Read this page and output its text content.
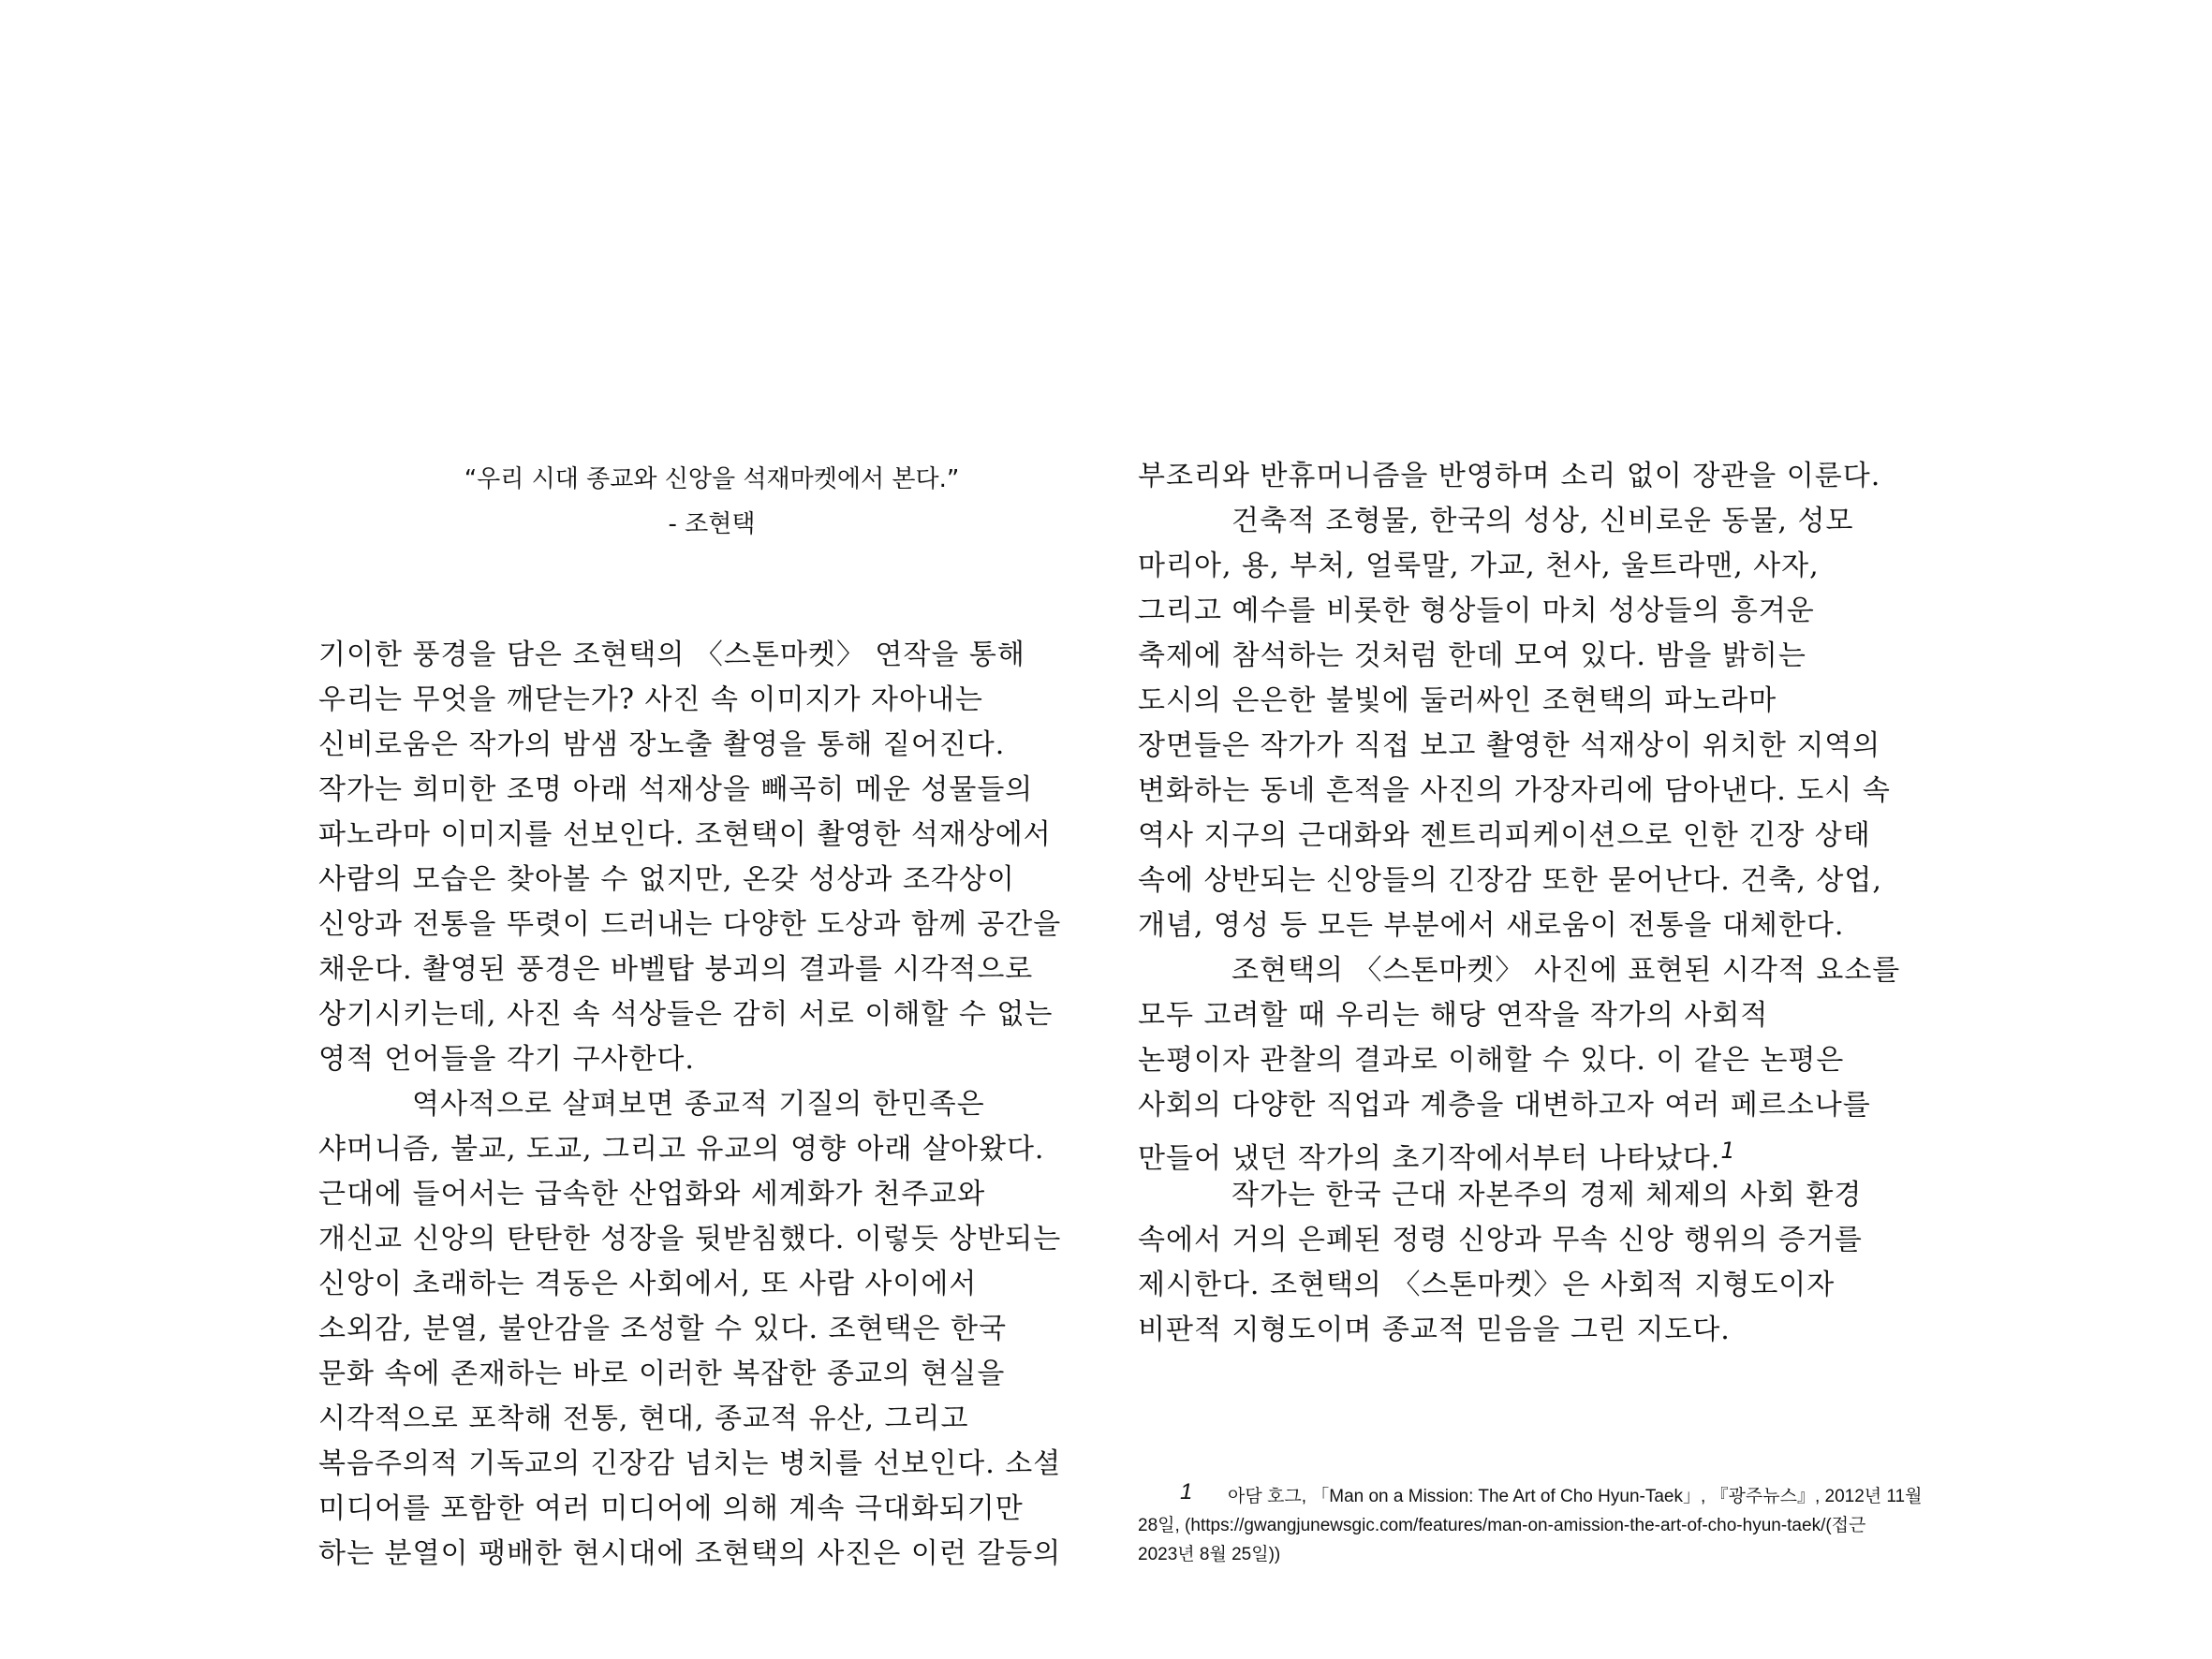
“우리 시대 종교와 신앙을 석재마켓에서 본다.”
- 조현택
기이한 풍경을 담은 조현택의 〈스톤마켓〉 연작을 통해
우리는 무엇을 깨닫는가? 사진 속 이미지가 자아내는
신비로움은 작가의 밤샘 장노출 촬영을 통해 짙어진다.
작가는 희미한 조명 아래 석재상을 빼곡히 메운 성물들의
파노라마 이미지를 선보인다. 조현택이 촬영한 석재상에서
사람의 모습은 찾아볼 수 없지만, 온갖 성상과 조각상이
신앙과 전통을 뚜렷이 드러내는 다양한 도상과 함께 공간을
채운다. 촬영된 풍경은 바벨탑 붕괴의 결과를 시각적으로
상기시키는데, 사진 속 석상들은 감히 서로 이해할 수 없는
영적 언어들을 각기 구사한다.
역사적으로 살펴보면 종교적 기질의 한민족은
샤머니즘, 불교, 도교, 그리고 유교의 영향 아래 살아왔다.
근대에 들어서는 급속한 산업화와 세계화가 천주교와
개신교 신앙의 탄탄한 성장을 뒷받침했다. 이렇듯 상반되는
신앙이 초래하는 격동은 사회에서, 또 사람 사이에서
소외감, 분열, 불안감을 조성할 수 있다. 조현택은 한국
문화 속에 존재하는 바로 이러한 복잡한 종교의 현실을
시각적으로 포착해 전통, 현대, 종교적 유산, 그리고
복음주의적 기독교의 긴장감 넘치는 병치를 선보인다. 소셜
미디어를 포함한 여러 미디어에 의해 계속 극대화되기만
하는 분열이 팽배한 현시대에 조현택의 사진은 이런 갈등의
부조리와 반휴머니즘을 반영하며 소리 없이 장관을 이룬다.
건축적 조형물, 한국의 성상, 신비로운 동물, 성모
마리아, 용, 부처, 얼룩말, 가교, 천사, 울트라맨, 사자,
그리고 예수를 비롯한 형상들이 마치 성상들의 흥겨운
축제에 참석하는 것처럼 한데 모여 있다. 밤을 밝히는
도시의 은은한 불빛에 둘러싸인 조현택의 파노라마
장면들은 작가가 직접 보고 촬영한 석재상이 위치한 지역의
변화하는 동네 흔적을 사진의 가장자리에 담아낸다. 도시 속
역사 지구의 근대화와 젠트리피케이션으로 인한 긴장 상태
속에 상반되는 신앙들의 긴장감 또한 묻어난다. 건축, 상업,
개념, 영성 등 모든 부분에서 새로움이 전통을 대체한다.
조현택의 〈스톤마켓〉 사진에 표현된 시각적 요소를
모두 고려할 때 우리는 해당 연작을 작가의 사회적
논평이자 관찰의 결과로 이해할 수 있다. 이 같은 논평은
사회의 다양한 직업과 계층을 대변하고자 여러 페르소나를
만들어 냈던 작가의 초기작에서부터 나타났다.$^1$
작가는 한국 근대 자본주의 경제 체제의 사회 환경
속에서 거의 은폐된 정령 신앙과 무속 신앙 행위의 증거를
제시한다. 조현택의 〈스톤마켓〉은 사회적 지형도이자
비판적 지형도이며 종교적 믿음을 그린 지도다.
1 아담 호그, 「Man on a Mission: The Art of Cho Hyun-Taek」, 『광주뉴스』, 2012년 11월
28일, (https://gwangjunewsgic.com/features/man-on-amission-the-art-of-cho-hyun-taek/(접근
2023년 8월 25일))
